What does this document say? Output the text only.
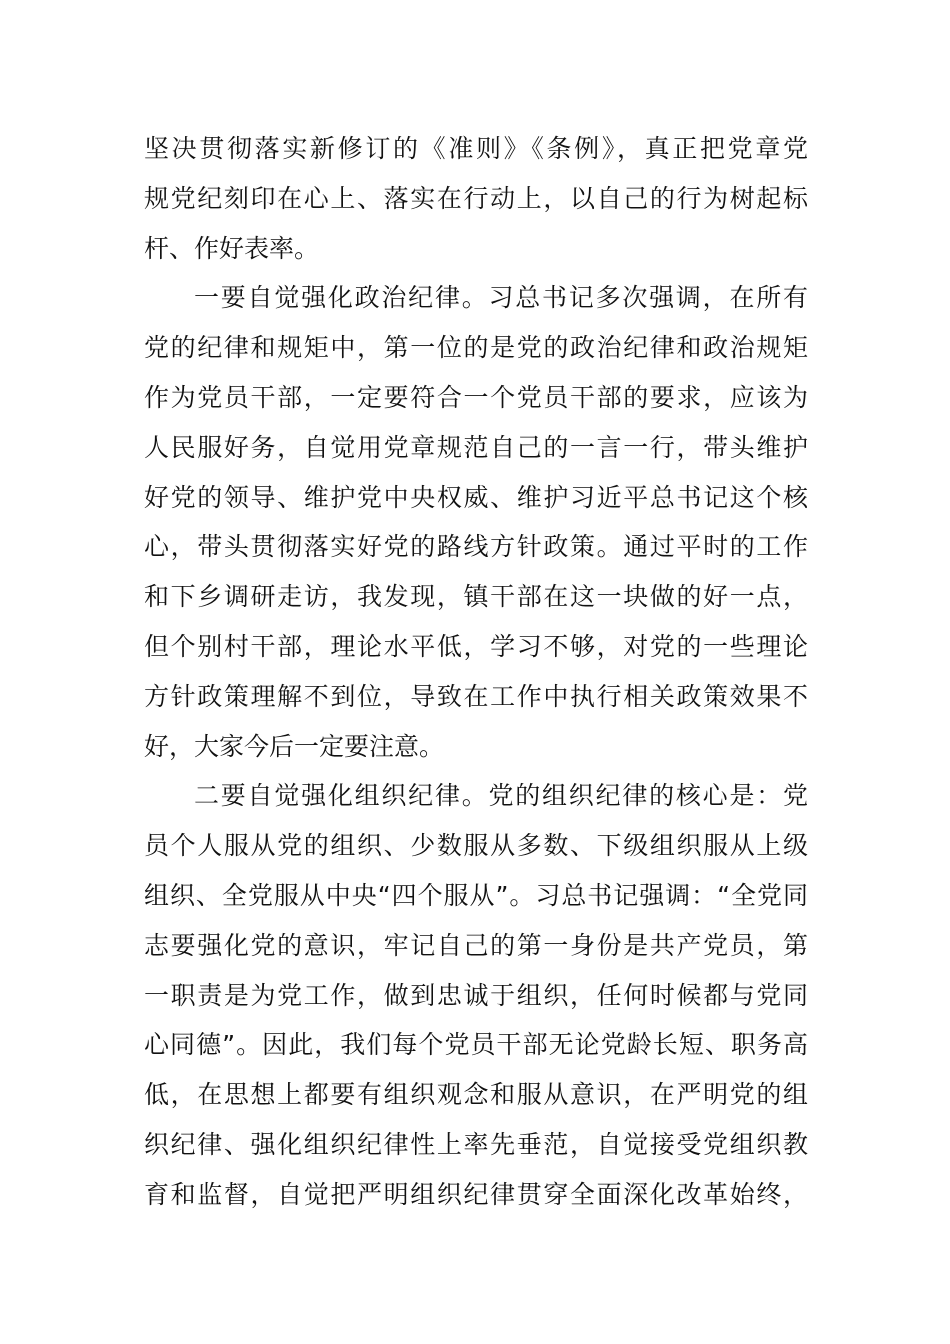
坚决贯彻落实新修订的《准则》《条例》，真正把党章党
规党纪刻印在心上、落实在行动上，以自己的行为树起标
杆、作好表率。
一要自觉强化政治纪律。习总书记多次强调，在所有
党的纪律和规矩中，第一位的是党的政治纪律和政治规矩
作为党员干部，一定要符合一个党员干部的要求，应该为
人民服好务，自觉用党章规范自己的一言一行，带头维护
好党的领导、维护党中央权威、维护习近平总书记这个核
心，带头贯彻落实好党的路线方针政策。通过平时的工作
和下乡调研走访，我发现，镇干部在这一块做的好一点，
但个别村干部，理论水平低，学习不够，对党的一些理论
方针政策理解不到位，导致在工作中执行相关政策效果不
好，大家今后一定要注意。
二要自觉强化组织纪律。党的组织纪律的核心是：党
员个人服从党的组织、少数服从多数、下级组织服从上级
组织、全党服从中央“四个服从”。习总书记强调：“全党同
志要强化党的意识，牢记自己的第一身份是共产党员，第
一职责是为党工作，做到忠诚于组织，任何时候都与党同
心同德”。因此，我们每个党员干部无论党龄长短、职务高
低，在思想上都要有组织观念和服从意识，在严明党的组
织纪律、强化组织纪律性上率先垂范，自觉接受党组织教
育和监督，自觉把严明组织纪律贯穿全面深化改革始终，
